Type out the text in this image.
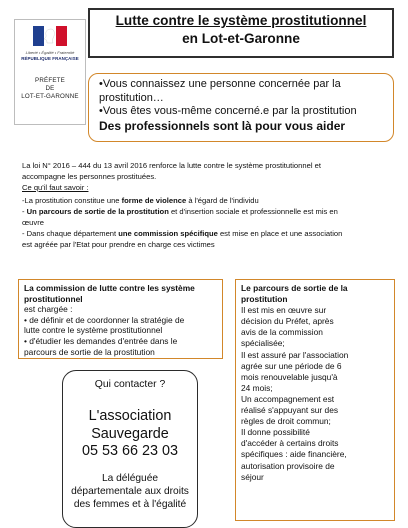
Liberté • Égalité • Fraternité
RÉPUBLIQUE FRANÇAISE
PRÉFETE
DE
LOT-ET-GARONNE
Lutte contre le système prostitutionnel
en Lot-et-Garonne
•Vous connaissez une personne concernée par la
prostitution…
•Vous êtes vous-même concerné.e par la prostitution
Des professionnels sont là pour vous aider
La loi N° 2016 – 444 du 13 avril 2016 renforce la lutte contre le système prostitutionnel et
accompagne les personnes prostituées.
Ce qu'il faut savoir :
-La prostitution constitue une forme de violence à l'égard de l'individu
- Un parcours de sortie de la prostitution et d'insertion sociale et professionnelle est mis en
œuvre
- Dans chaque département une commission spécifique est mise en place et une association
est agréée par l'Etat pour prendre en charge ces victimes
La commission de lutte contre les système
prostitutionnel
est chargée :
• de définir et de coordonner la stratégie de
lutte contre le système prostitutionnel
• d'étudier les demandes d'entrée dans le
parcours de sortie de la prostitution
Qui contacter ?
L'association
Sauvegarde
05 53 66 23 03
La déléguée
départementale aux droits
des femmes et à l'égalité
Le parcours de sortie de la
prostitution
Il est mis en œuvre sur
décision du Préfet, après
avis de la commission
spécialisée;
Il est assuré par l'association
agrée sur une période de 6
mois renouvelable jusqu'à
24 mois;
Un accompagnement est
réalisé s'appuyant sur des
règles de droit commun;
Il donne possibilité
d'accéder à certains droits
spécifiques : aide financière,
autorisation provisoire de
séjour
